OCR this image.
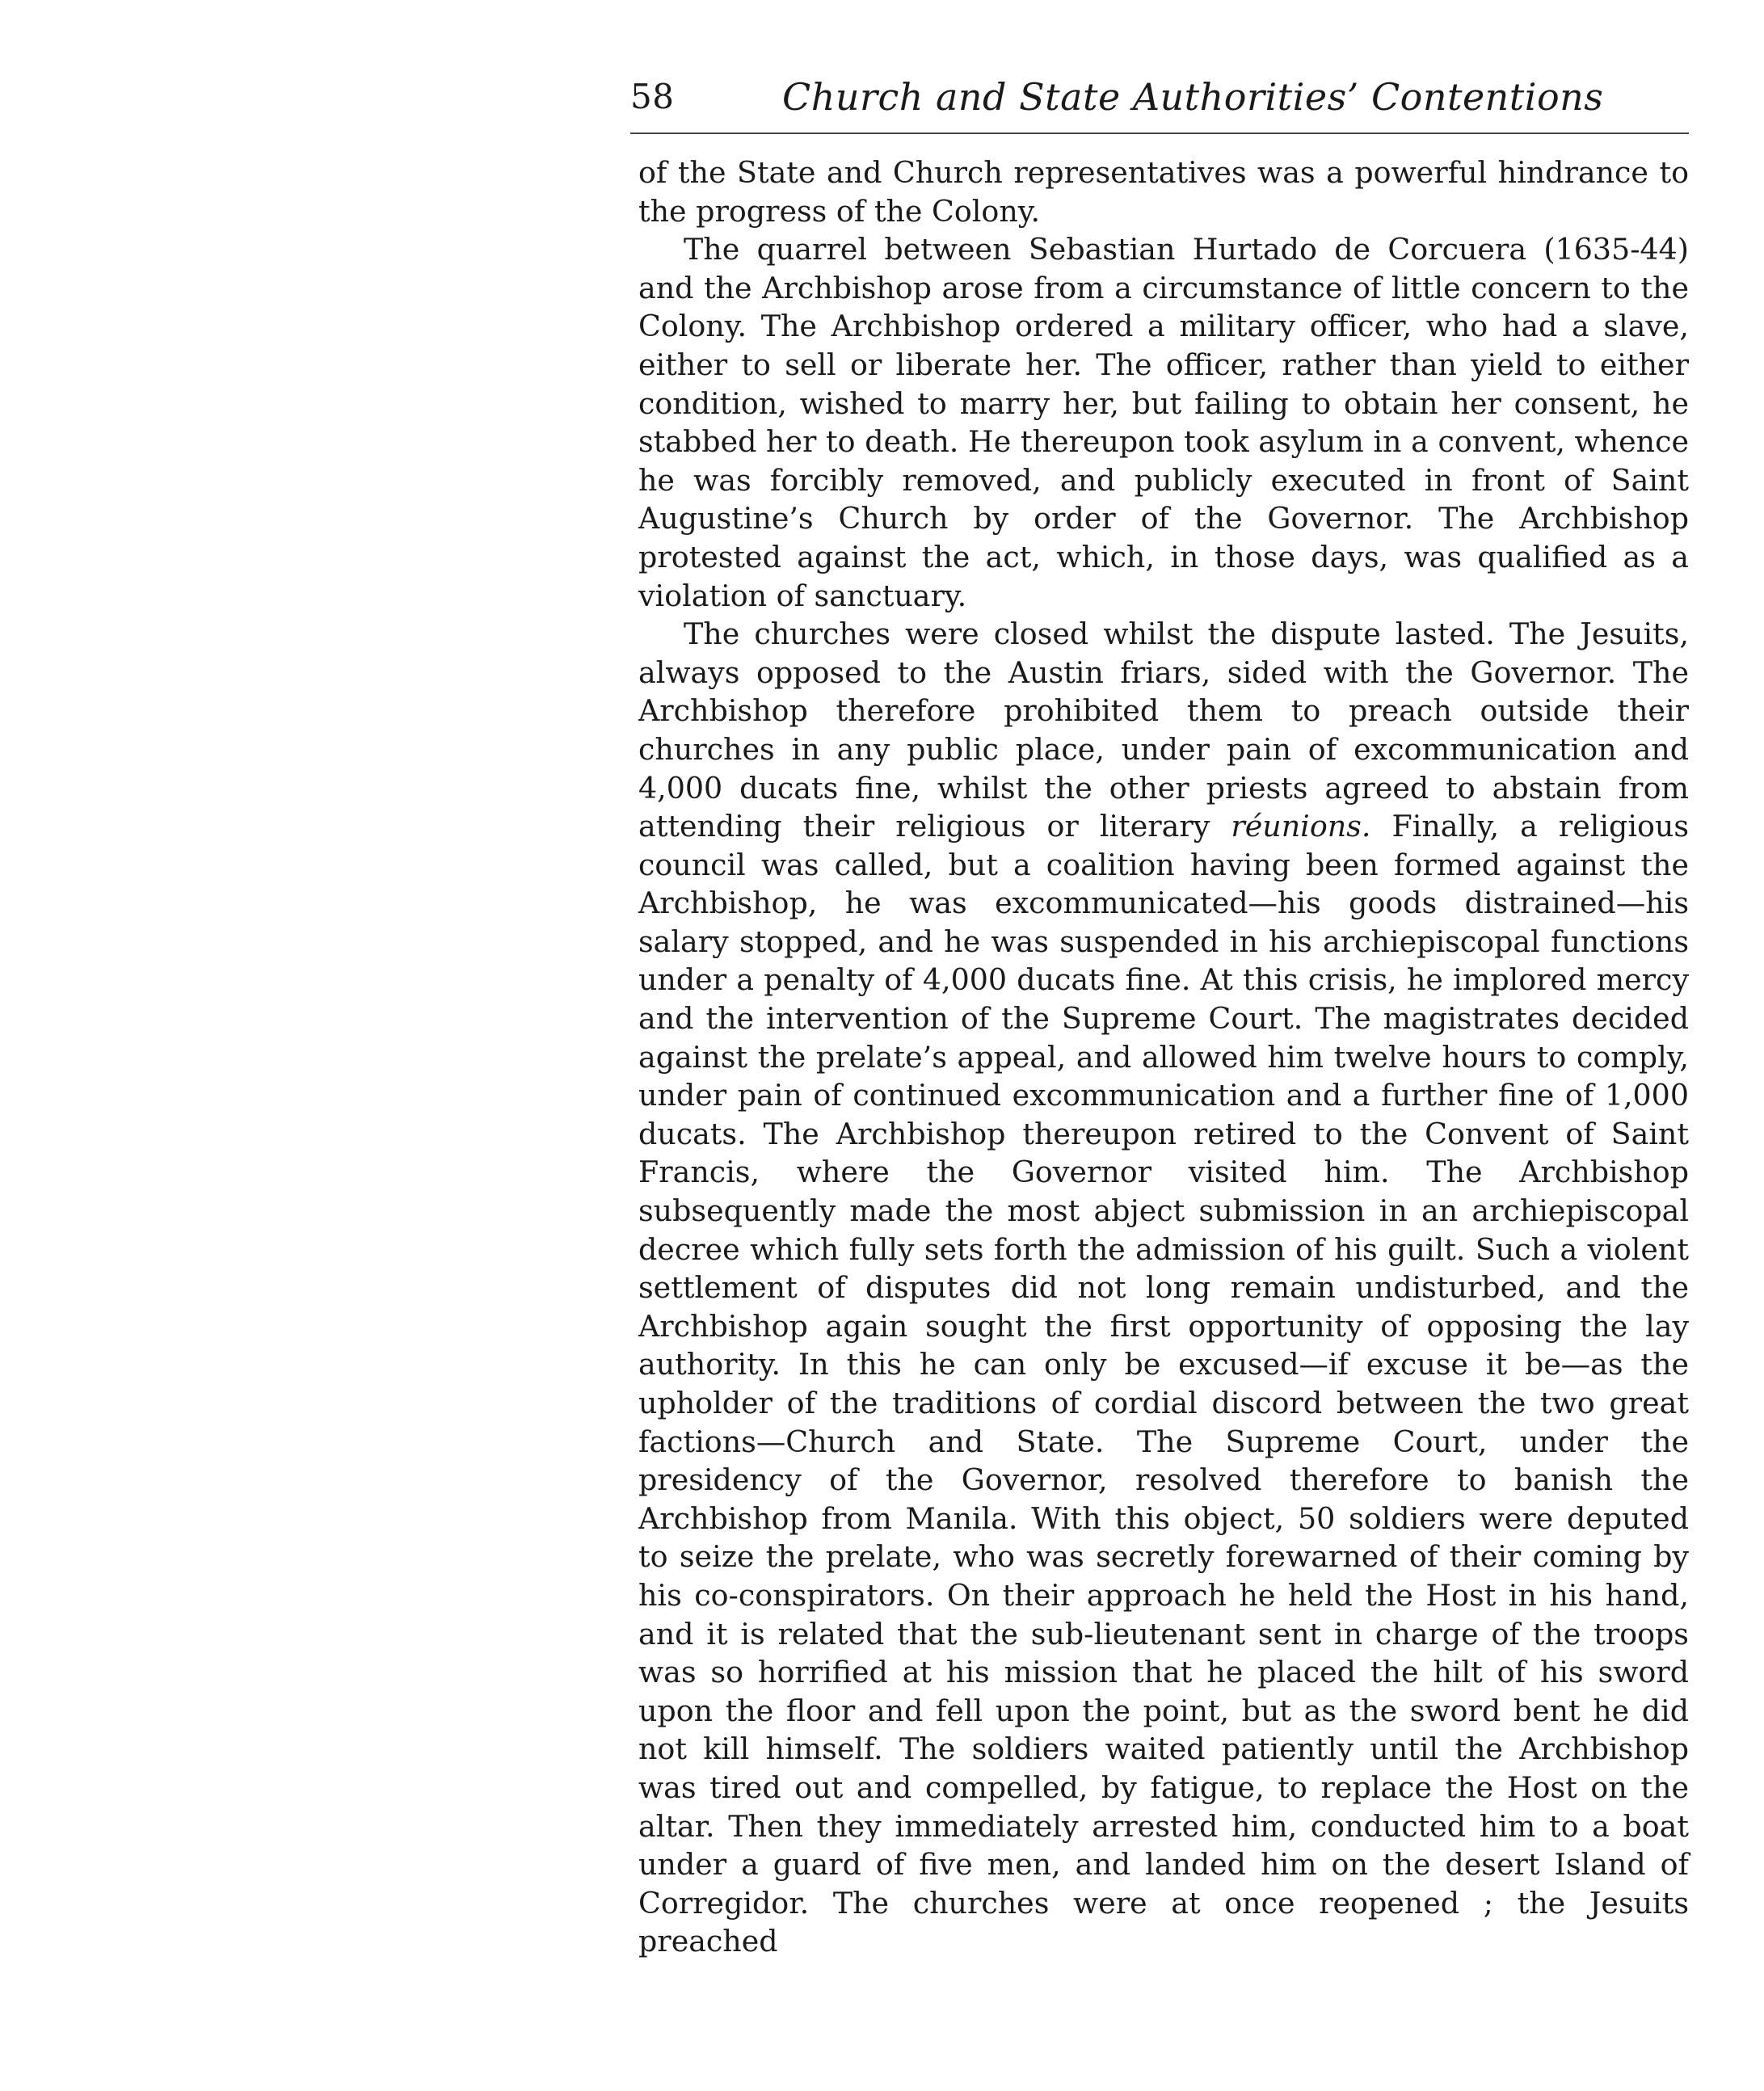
58	Church and State Authorities’ Contentions

of the State and Church representatives was a powerful hindrance to the progress of the Colony.

The quarrel between Sebastian Hurtado de Corcuera (1635-44) and the Archbishop arose from a circumstance of little concern to the Colony. The Archbishop ordered a military officer, who had a slave, either to sell or liberate her. The officer, rather than yield to either condition, wished to marry her, but failing to obtain her consent, he stabbed her to death. He thereupon took asylum in a convent, whence he was forcibly removed, and publicly executed in front of Saint Augustine’s Church by order of the Governor. The Archbishop protested against the act, which, in those days, was qualified as a violation of sanctuary.

The churches were closed whilst the dispute lasted. The Jesuits, always opposed to the Austin friars, sided with the Governor. The Archbishop therefore prohibited them to preach outside their churches in any public place, under pain of excommunication and 4,000 ducats fine, whilst the other priests agreed to abstain from attending their religious or literary réunions. Finally, a religious council was called, but a coalition having been formed against the Archbishop, he was excommunicated—his goods distrained—his salary stopped, and he was suspended in his archiepiscopal functions under a penalty of 4,000 ducats fine. At this crisis, he implored mercy and the intervention of the Supreme Court. The magistrates decided against the prelate’s appeal, and allowed him twelve hours to comply, under pain of continued excommunication and a further fine of 1,000 ducats. The Archbishop thereupon retired to the Convent of Saint Francis, where the Governor visited him. The Archbishop subsequently made the most abject submission in an archiepiscopal decree which fully sets forth the admission of his guilt. Such a violent settlement of disputes did not long remain undisturbed, and the Archbishop again sought the first opportunity of opposing the lay authority. In this he can only be excused—if excuse it be—as the upholder of the traditions of cordial discord between the two great factions—Church and State. The Supreme Court, under the presidency of the Governor, resolved therefore to banish the Archbishop from Manila. With this object, 50 soldiers were deputed to seize the prelate, who was secretly forewarned of their coming by his co-conspirators. On their approach he held the Host in his hand, and it is related that the sub-lieutenant sent in charge of the troops was so horrified at his mission that he placed the hilt of his sword upon the floor and fell upon the point, but as the sword bent he did not kill himself. The soldiers waited patiently until the Archbishop was tired out and compelled, by fatigue, to replace the Host on the altar. Then they immediately arrested him, conducted him to a boat under a guard of five men, and landed him on the desert Island of Corregidor. The churches were at once reopened ; the Jesuits preached
